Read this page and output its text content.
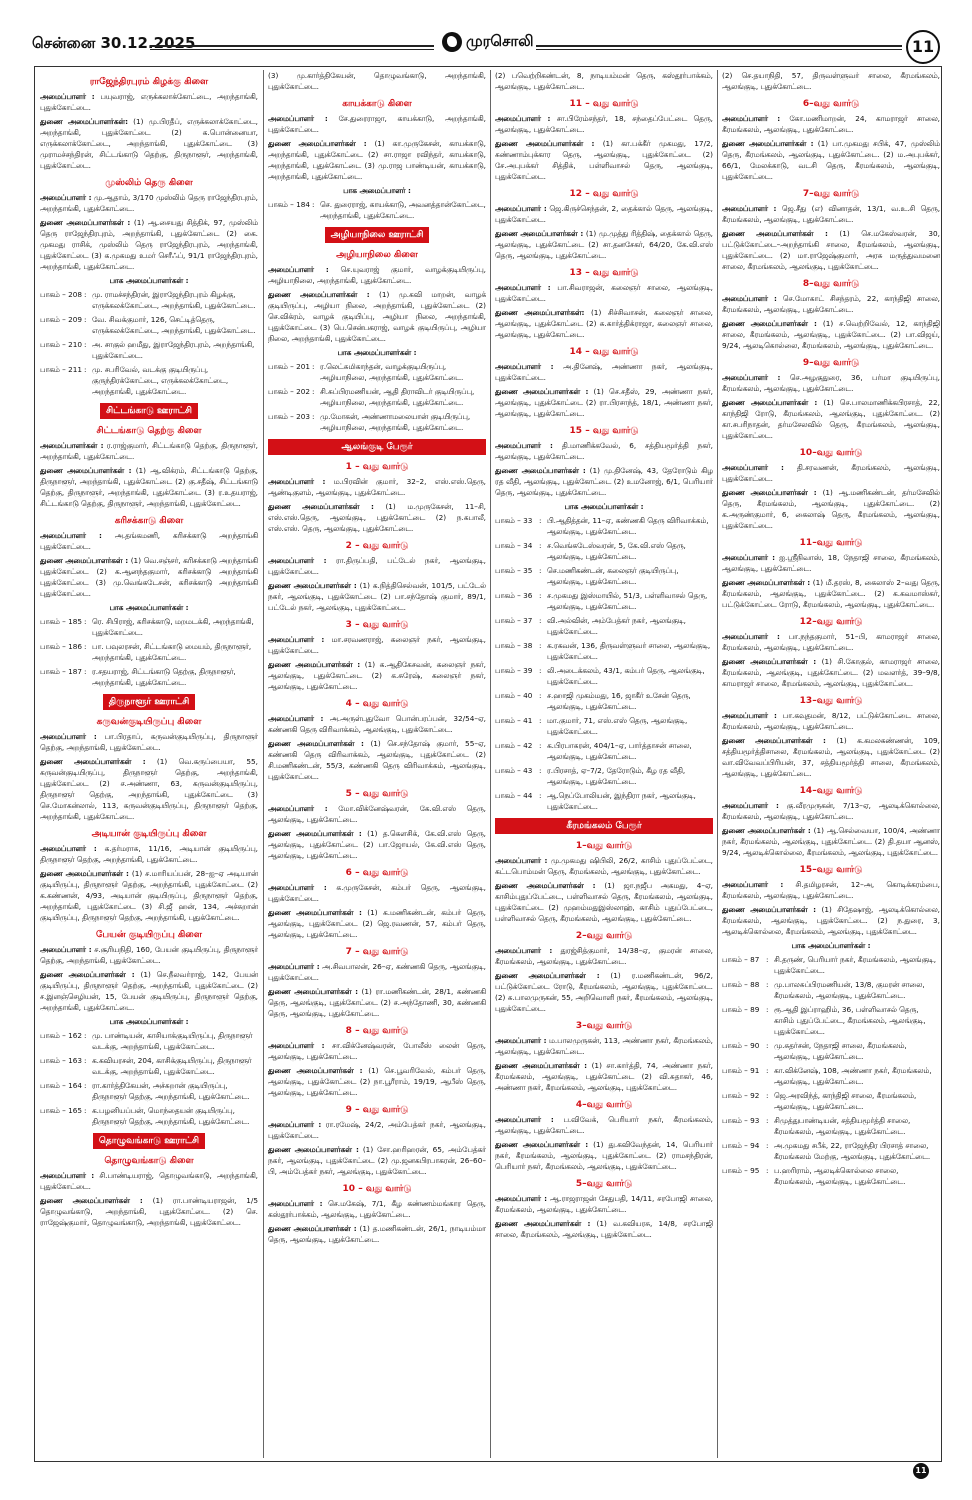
சென்னை 30.12.2025	முரசொலி	11
ராஜேந்திரபுரம் கிழக்கு கிளை
அமைப்பாளர் : பயுவராஜ், எருக்கலாக்கோட்டை, அறந்தாங்கி, புதுக்கோட்டை.
துணை அமைப்பாளர்கள்: (1) மு.பிரதீப், எருக்கலாக்கோட்டை, அறந்தாங்கி, புதுக்கோட்டை (2) க.பொன்னையா, எருக்கலாக்கோட்டை, அறந்தாங்கி, புதுக்கோட்டை (3) முராமச்சந்திரன், சிட்டங்காடு தெற்கு, திருநாளூர், அறந்தாங்கி, புதுக்கோட்டை.
முஸ்லிம் தெரு கிளை
அமைப்பாளர் : மு.ஆதாம், 3/170 முஸ்லிம் தெரு ராஜேந்திரபுரம், அறந்தாங்கி, புதுக்கோட்டை.
துணை அமைப்பாளர்கள் : (1) ஆ.சையது சித்திக், 97, முஸ்லிம் தெரு ராஜேந்திரபுரம், அறந்தாங்கி, புதுக்கோட்டை (2) கை. முகமது ராசிக், முஸ்லிம் தெரு ராஜேந்திரபுரம், அறந்தாங்கி, புதுக்கோட்டை (3) க.முகமது உமர் செரீஃப், 91/1 ராஜேந்திரபுரம், அறந்தாங்கி, புதுக்கோட்டை.
பாக அமைப்பாளர்கள் :
பாகம் – 208 : மு. ராமச்சந்திரன், இராஜேந்திரபுரம் கிழக்கு, எருக்கலக்கோட்டை, அறந்தாங்கி, புதுக்கோட்டை.
பாகம் – 209 : வே. சிவக்குமார், 126, செட்டித்தெரு, எருக்கலக்கோட்டை, அறந்தாங்கி, புதுக்கோட்டை.
பாகம் – 210 : அ. சாகுல் ஹமீது, இராஜேந்திரபுரம், அறந்தாங்கி, புதுக்கோட்டை.
பாகம் – 211 : மு. சபரிவேல், வடக்கு குடியிருப்பு, குருந்திரக்கோட்டை, எருக்கலக்கோட்டை, அறந்தாங்கி, புதுக்கோட்டை.
சிட்டங்காடு ஊராட்சி
சிட்டங்காடு தெற்கு கிளை
அமைப்பாளர்கள் : ர.ராஜ்குமார், சிட்டங்காடு தெற்கு, திருநாளூர், அறந்தாங்கி, புதுக்கோட்டை.
துணை அமைப்பாளர்கள் : (1) ஆ.விக்ரம், சிட்டங்காடு தெற்கு, திருநாளூர், அறந்தாங்கி, புதுக்கோட்டை (2) கு.சதீஷ், சிட்டங்காடு தெற்கு, திருநாளூர், அறந்தாங்கி, புதுக்கோட்டை (3) ர.உதயராஜ், சிட்டங்காடு தெற்கு, திருநாளூர், அறந்தாங்கி, புதுக்கோட்டை.
கரிசக்காடு கிளை
அமைப்பாளர் : அ.தங்கமணி, கரிசக்காடு அறந்தாங்கி புதுக்கோட்டை.
துணை அமைப்பாளர்கள் : (1) வெ.சஞ்சர், கரிசக்காடு அறந்தாங்கி புதுக்கோட்டை (2) க.ஆனந்தகுமார், கரிசக்காடு அறந்தாங்கி புதுக்கோட்டை (3) மு.வெங்கடேசன், கரிசக்காடு அறந்தாங்கி புதுக்கோட்டை.
பாக அமைப்பாளர்கள் :
பாகம் – 185 : ரெ. சிபிராஜ், கரிசக்காடு, மறமடக்கி, அறந்தாங்கி, புதுக்கோட்டை.
பாகம் – 186 : பா. பவுலரசன், சிட்டங்காடு மையம், திருநாளூர், அறந்தாங்கி, புதுக்கோட்டை.
பாகம் – 187 : ர.சதயராஜ், சிட்டங்காடு தெற்கு, திருநாளூர், அறந்தாங்கி, புதுக்கோட்டை.
திருநாளூர் ஊராட்சி
கருவன்குடியிருப்பு கிளை
அமைப்பாளர் : பா.பிரதாப், கருவன்குடியிருப்பு, திருநாளூர் தெற்கு, அறந்தாங்கி, புதுக்கோட்டை.
துணை அமைப்பாளர்கள் : (1) வெ.கருப்பையா, 55, கருவன்குடியிருப்பு, திருநாளூர் தெற்கு, அறந்தாங்கி, புதுக்கோட்டை (2) ச.அண்ணா, 63, கருவன்குடியிருப்பு, திருநாளூர் தெற்கு, அறந்தாங்கி, புதுக்கோட்டை (3) செ.மோகன்லால், 113, கருவன்குடியிருப்பு, திருநாளூர் தெற்கு, அறந்தாங்கி, புதுக்கோட்டை.
அடியான் குடியிருப்பு கிளை
அமைப்பாளர் : க.தர்மராசு, 11/16, அடியான் குடியிருப்பு, திருநாளூர் தெற்கு, அறந்தாங்கி, புதுக்கோட்டை.
துணை அமைப்பாளர்கள் : (1) ச.மாரியப்பன், 28–ஐ–ஏ அடியான் குடியிருப்பு, திருநாளூர் தெற்கு, அறந்தாங்கி, புதுக்கோட்டை (2) க.கண்ணன், 4/93, அடியான் குடியிருப்பு, திருநாளூர் தெற்கு, அறந்தாங்கி, புதுக்கோட்டை (3) சி.ஜீ ஹன், 134, அச்சுறான் குடியிருப்பு, திருநாளூர் தெற்கு, அறந்தாங்கி, புதுக்கோட்டை.
பேயன் குடியிருப்பு கிளை
அமைப்பாளர் : ச.சூரியநிதி, 160, பேயன் குடியிருப்பு, திருநாளூர் தெற்கு, அறந்தாங்கி, புதுக்கோட்டை.
துணை அமைப்பாளர்கள் : (1) செ.நீலவர்ராஜ், 142, பேயன் குடியிருப்பு, திருநாளூர் தெற்கு, அறந்தாங்கி, புதுக்கோட்டை (2) ச.இளஞ்செழியன், 15, பேயன் குடியிருப்பு, திருநாளூர் தெற்கு, அறந்தாங்கி, புதுக்கோட்டை.
பாக அமைப்பாளர்கள் :
பாகம் – 162 : மு. பாண்டியன், காசியாக்குடியிருப்பு, திருநாளூர் வடக்கு, அறந்தாங்கி, புதுக்கோட்டை.
பாகம் – 163 : க.கவியரசன், 204, காசிக்குடியிருப்பு, திருநாளூர் வடக்கு, அறந்தாங்கி, புதுக்கோட்டை.
பாகம் – 164 : ரா.கார்த்திகேயன், அச்சுறான் குடியிருப்பு, திருநாளூர் தெற்கு, அறந்தாங்கி, புதுக்கோட்டை.
பாகம் – 165 : க.பழனியப்பன், மொந்தையன் குடியிருப்பு, திருநாளூர் தெற்கு, அறந்தாங்கி, புதுக்கோட்டை.
தொழுவங்காடு ஊராட்சி
தொழுவங்காடு கிளை
அமைப்பாளர் : சி.பாண்டியராஜ், தொழுவங்காடு, அறந்தாங்கி, புதுக்கோட்டை.
துணை அமைப்பாளர்கள் : (1) ரா.பாண்டியராஜன், 1/5 தொழுவங்காடு, அறந்தாங்கி, புதுக்கோட்டை. (2) செ. ராஜேஷ்குமார், தொழுவங்காடு, அறந்தாங்கி, புதுக்கோட்டை.
(3) மு.கார்த்திகேயன், தொழுவங்காடு, அறந்தாங்கி, புதுக்கோட்டை.
காயக்காடு கிளை
அமைப்பாளர் : சே.துரைராஜா, காயக்காடு, அறந்தாங்கி, புதுக்கோட்டை.
துணை அமைப்பாளர்கள் : (1) கா.முருகேசன், காயக்காடு, அறந்தாங்கி, புதுக்கோட்டை (2) சா.ராஜா ரவிந்தர், காயக்காடு, அறந்தாங்கி, புதுக்கோட்டை (3) மு.ராஜ பாண்டியன், காயக்காடு, அறந்தாங்கி, புதுக்கோட்டை.
பாக அமைப்பாளர் :
பாகம் – 184 : செ. துரைராஜ், காயக்காடு, அவனத்தான்கோட்டை, அறந்தாங்கி, புதுக்கோட்டை.
அழியாநிலை ஊராட்சி
அழியாநிலை கிளை
அமைப்பாளர் : செ.யுவராஜ் குமார், வாழக்குடியிருப்பு, அழியாநிலை, அறந்தாங்கி, புதுக்கோட்டை.
துணை அமைப்பாளர்கள் : (1) மு.கவி மாறன், வாழக் குடியிருப்பு, அழியா நிலை, அறந்தாங்கி, புதுக்கோட்டை (2) செ.விக்ரம், வாழக் குடியிப்பு, அழியா நிலை, அறந்தாங்கி, புதுக்கோட்டை (3) பெ.சென்பகராஜ், வாழக் குடியிருப்பு, அழியா நிலை, அறந்தாங்கி, புதுக்கோட்டை.
பாக அமைப்பாளர்கள் :
பாகம் – 201 : ர.லெட்சுமிகாந்தன், வாழக்குடியிருப்பு, அழியாநிலை, அறந்தாங்கி, புதுக்கோட்டை.
பாகம் – 202 : சி.சுப்பிரமணியன், ஆதி திராவிடர் குடியிருப்பு, அழியாநிலை, அறந்தாங்கி, புதுக்கோட்டை.
பாகம் – 203 : மு.மோகன், அண்ணாமலையான் குடியிருப்பு, அழியாநிலை, அறந்தாங்கி, புதுக்கோட்டை.
ஆலங்குடி பேரூர்
1 – வது வார்டு
அமைப்பாளர் : ம.பிரவின் குமார், 32–2, எஸ்.எஸ்.தெரு, ஆண்டிகுளம், ஆலங்குடி, புதுக்கோட்டை.
துணை அமைப்பாளர்கள் : (1) ம.முருகேசன், 11–சி, எஸ்.எஸ்.தெரு, ஆலங்குடி, புதுக்கோட்டை (2) ந.கபாலீ, எஸ்.எஸ். தெரு, ஆலங்குடி, புதுக்கோட்டை.
2 – வது வார்டு
அமைப்பாளர் : ரா.திருப்பதி, பட்டேல் நகர், ஆலங்குடி, புதுக்கோட்டை.
துணை அமைப்பாளர்கள் : (1) க.நித்திசெல்வன், 101/5, பட்டேல் நகர், ஆலங்குடி, புதுக்கோட்டை (2) பா.சந்தோஷ் குமார், 89/1, பட்டேல் நகர், ஆலங்குடி, புதுக்கோட்டை.
3 – வது வார்டு
அமைப்பாளர் : மா.சரவணராஜ், கலைஞர் நகர், ஆலங்குடி, புதுக்கோட்டை.
துணை அமைப்பாளர்கள் : (1) க.ஆதிகேசவன், கலைஞர் நகர், ஆலங்குடி, புதுக்கோட்டை (2) க.சுரேஷ், கலைஞர் நகர், ஆலங்குடி, புதுக்கோட்டை.
4 – வது வார்டு
அமைப்பாளர் : அ.அருள்புதுவோ பொன்பரப்பன், 32/54–ஏ, கண்ணகி தெரு விரிவாக்கம், ஆலங்குடி, புதுக்கோட்டை.
துணை அமைப்பாளர்கள் : (1) செ.சந்தோஷ் குமார், 55–ஏ, கண்ணகி தெரு விரிவாக்கம், ஆலங்குடி, புதுக்கோட்டை (2) சி.மணிகண்டன், 55/3, கண்ணகி தெரு விரிவாக்கம், ஆலங்குடி, புதுக்கோட்டை.
5 – வது வார்டு
அமைப்பாளர் : மோ.விக்னேஷ்வரன், கே.வி.எஸ் தெரு, ஆலங்குடி, புதுக்கோட்டை.
துணை அமைப்பாளர்கள் : (1) த.கௌசிக், கே.வி.எஸ் தெரு, ஆலங்குடி, புதுக்கோட்டை (2) பா.ஜோயல், கே.வி.எஸ் தெரு, ஆலங்குடி, புதுக்கோட்டை.
6 – வது வார்டு
அமைப்பாளர் : க.முருகேசன், கம்பர் தெரு, ஆலங்குடி, புதுக்கோட்டை.
துணை அமைப்பாளர்கள் : (1) க.மணிகண்டன், கம்பர் தெரு, ஆலங்குடி, புதுக்கோட்டை (2) ஜெ.ரவணன், 57, கம்பர் தெரு, ஆலங்குடி, புதுக்கோட்டை.
7 – வது வார்டு
அமைப்பாளர் : அ.சிவபாலன், 26–ஏ, கண்ணகி தெரு, ஆலங்குடி, புதுக்கோட்டை.
துணை அமைப்பாளர்கள் : (1) ரா.மணிகண்டன், 28/1, கண்ணகி தெரு, ஆலங்குடி, புதுக்கோட்டை (2) ச.அந்தோணி, 30, கண்ணகி தெரு, ஆலங்குடி, புதுக்கோட்டை.
8 – வது வார்டு
அமைப்பாளர் : சா.விக்னேஷ்வரன், போலீஸ் லைன் தெரு, ஆலங்குடி, புதுக்கோட்டை.
துணை அமைப்பாளர்கள் : (1) செ.பூவரிவேல், கம்பர் தெரு, ஆலங்குடி, புதுக்கோட்டை (2) நா.பூரீராம், 19/19, ஆபீஸ் தெரு, ஆலங்குடி, புதுக்கோட்டை.
9 – வது வார்டு
அமைப்பாளர் : ரா.ரமேஷ், 24/2, அம்பேத்கர் நகர், ஆலங்குடி, புதுக்கோட்டை.
துணை அமைப்பாளர்கள் : (1) சோ.ஹரிஹரன், 65, அம்பேத்கர் நகர், ஆலங்குடி, புதுக்கோட்டை (2) மு.ஜனகபிரபாகரன், 26–60–பி, அம்பேத்கர் நகர், ஆலங்குடி, புதுக்கோட்டை.
10 – வது வார்டு
அமைப்பாளர் : செ.மகேஷ், 7/1, கீழ கண்ணம்மங்கார தெரு, கஸ்தூர்பாக்கம், ஆலங்குடி, புதுக்கோட்டை.
துணை அமைப்பாளர்கள் : (1) த.மணிகண்டன், 26/1, நாடியம்மா தெரு, ஆலங்குடி, புதுக்கோட்டை.
(2) பவெற்றிகண்டன், 8, நாடியம்மன் தெரு, கஸ்தூர்பாக்கம், ஆலங்குடி, புதுக்கோட்டை.
11 – வது வார்டு
அமைப்பாளர் : சா.பிரேம்சந்தர், 18, சந்தைப்பேட்டை தெரு, ஆலங்குடி, புதுக்கோட்டை.
துணை அமைப்பாளர்கள் : (1) கா.பக்கீர் முகமது, 17/2, சுண்ணாம்புக்கார தெரு, ஆலங்குடி, புதுக்கோட்டை (2) சே.அபுபக்கர் சித்திக், பள்ளிவாசல் தெரு, ஆலங்குடி, புதுக்கோட்டை.
12 – வது வார்டு
அமைப்பாளர் : ஜெ.கிருச்செந்தன், 2, தைக்கால் தெரு, ஆலங்குடி, புதுக்கோட்டை.
துணை அமைப்பாளர்கள் : (1) மு.முத்து ரித்திஷ், தைக்கால் தெரு, ஆலங்குடி, புதுக்கோட்டை (2) சா.தனசேகர், 64/20, கே.வி.எஸ் தெரு, ஆலங்குடி, புதுக்கோட்டை.
13 – வது வார்டு
அமைப்பாளர் : பா.சிவராஜன், கலைஞர் சாலை, ஆலங்குடி, புதுக்கோட்டை.
துணை அமைப்பாளர்கள்: (1) சிச்சிவாசன், கலைஞர் சாலை, ஆலங்குடி, புதுக்கோட்டை (2) சு.கார்த்திக்ராஜா, கலைஞர் சாலை, ஆலங்குடி, புதுக்கோட்டை.
14 – வது வார்டு
அமைப்பாளர் : அ.தினேஷ், அண்ணா நகர், ஆலங்குடி, புதுக்கோட்டை.
துணை அமைப்பாளர்கள் : (1) செ.சதீஸ், 29, அண்ணா நகர், ஆலங்குடி, புதுக்கோட்டை (2) ரா.பிரசாந்த், 18/1, அண்ணா நகர், ஆலங்குடி, புதுக்கோட்டை.
15 – வது வார்டு
அமைப்பாளர் : தி.மாணிக்கவேல், 6, சத்தியமூர்த்தி நகர், ஆலங்குடி, புதுக்கோட்டை.
துணை அமைப்பாளர்கள் : (1) மு.தினேஷ், 43, தேரோடும் கிழ ரத வீதி, ஆலங்குடி, புதுக்கோட்டை (2) உமனோஜ், 6/1, பெரியார் தெரு, ஆலங்குடி, புதுக்கோட்டை.
பாக அமைப்பாளர்கள் :
பாகம் – 33 : பி.ஆதித்தன், 11–ஏ, கண்ணகி தெரு விரிவாக்கம், ஆலங்குடி, புதுக்கோட்டை.
பாகம் – 34 : ச.வெங்கடேஸ்வரன், 5, கே.வி.எஸ் தெரு, ஆலங்குடி, புதுக்கோட்டை.
பாகம் – 35 : செ.மணிகண்டன், கலைஞர் குடியிருப்பு, ஆலங்குடி, புதுக்கோட்டை.
பாகம் – 36 : ச.முகமது இஸ்மாயில், 51/3, பள்ளிவாசல் தெரு, ஆலங்குடி, புதுக்கோட்டை.
பாகம் – 37 : வி.அல்வின், அம்பேத்கர் நகர், ஆலங்குடி, புதுக்கோட்டை.
பாகம் – 38 : க.ரகவன், 136, திருவள்ளுவர் சாலை, ஆலங்குடி, புதுக்கோட்டை.
பாகம் – 39 : லி.அடைக்கலம், 43/1, கம்பர் தெரு, ஆலங்குடி, புதுக்கோட்டை.
பாகம் – 40 : ச.ஹாஜி முகம்மது, 16, ஜாகீர் உசேன் தெரு, ஆலங்குடி, புதுக்கோட்டை.
பாகம் – 41 : மா.குமார், 71, எஸ்.எஸ் தெரு, ஆலங்குடி, புதுக்கோட்டை.
பாகம் – 42 : க.பிரபாகரன், 404/1–ஏ, பார்த்தாசன் சாலை, ஆலங்குடி, புதுக்கோட்டை.
பாகம் – 43 : ர.பிரசாத், ஏ–7/2, தேரோடும், கீழ ரத வீதி, ஆலங்குடி, புதுக்கோட்டை.
பாகம் – 44 : ஆ.நெப்போலியன், இந்திரா நகர், ஆலங்குடி, புதுக்கோட்டை.
கீரமங்கலம் பேரூர்
1–வது வார்டு
அமைப்பாளர் : மு.முகமது ஷிபிலி, 26/2, காசிம் புதுப்பேட்டை, கட்டபொம்மன் தெரு, கீரமங்கலம், ஆலங்குடி, புதுக்கோட்டை.
துணை அமைப்பாளர்கள் : (1) ஜா.நஜீப அகமது, 4–ஏ, காசிம்புதுப்பேட்டை, பள்ளிவாசல் தெரு, கீரமங்கலம், ஆலங்குடி, புதுக்கோட்டை (2) முஹம்மதுஇஸ்லாஹ், காசிம் புதுப்பேட்டை, பள்ளிவாசல் தெரு, கீரமங்கலம், ஆலங்குடி, புதுக்கோட்டை.
2–வது வார்டு
அமைப்பாளர் : துரஜ்சித்குமார், 14/38–ஏ, குமரன் சாலை, கீரமங்கலம், ஆலங்குடி, புதுக்கோட்டை.
துணை அமைப்பாளர்கள் : (1) ர.மணிகண்டன், 96/2, பட்டுக்கோட்டை ரோடு, கீரமங்கலம், ஆலங்குடி, புதுக்கோட்டை. (2) சு.பாலமுருகன், 55, அறிவொளி நகர், கீரமங்கலம், ஆலங்குடி, புதுக்கோட்டை.
3–வது வார்டு
அமைப்பாளர் : ம.பாலமுருகன், 113, அண்ணா நகர், கீரமங்கலம், ஆலங்குடி, புதுக்கோட்டை.
துணை அமைப்பாளர்கள் : (1) சா.கார்த்தி, 74, அண்ணா நகர், கீரமங்கலம், ஆலங்குடி, புதுக்கோட்டை (2) வி.சுதாகர், 46, அண்ணா நகர், கீரமங்கலம், ஆலங்குடி, புதுக்கோட்டை.
4–வது வார்டு
அமைப்பாளர் : ப.விவேக், பெரியார் நகர், கீரமங்கலம், ஆலங்குடி, புதுக்கோட்டை.
துணை அமைப்பாளர்கள் : (1) து.கவிவேந்தன், 14, பெரியார் நகர், கீரமங்கலம், ஆலங்குடி, புதுக்கோட்டை (2) ராமசந்திரன், பெரியார் நகர், கீரமங்கலம், ஆலங்குடி, புதுக்கோட்டை.
5–வது வார்டு
அமைப்பாளர் : ஆ.ராஜராஜன் சேதுபதி, 14/11, சரபோஜி சாலை, கீரமங்கலம், ஆலங்குடி, புதுக்கோட்டை.
துணை அமைப்பாளர்கள் : (1) வ.கவியரசு, 14/8, சரபோஜி சாலை, கீரமங்கலம், ஆலங்குடி, புதுக்கோட்டை.
(2) செ.தயாநிதி, 57, திருவள்ளுவர் சாலை, கீரமங்கலம், ஆலங்குடி, புதுக்கோட்டை.
6–வது வார்டு
அமைப்பாளர் : கோ.மணிமாறன், 24, காமராஜர் சாலை, கீரமங்கலம், ஆலங்குடி, புதுக்கோட்டை.
துணை அமைப்பாளர்கள் : (1) பா.முகமது சபிக், 47, முஸ்லிம் தெரு, கீரமங்கலம், ஆலங்குடி, புதுக்கோட்டை. (2) ம.அபுபக்கர், 66/1, மேலக்காடு, வடசி தெரு, கீரமங்கலம், ஆலங்குடி, புதுக்கோட்டை.
7–வது வார்டு
அமைப்பாளர் : ஜெ.சீது (எ) வினாதன், 13/1, வ.உ.சி தெரு, கீரமங்கலம், ஆலங்குடி, புதுக்கோட்டை.
துணை அமைப்பாளர்கள் : (1) செ.மகேஸ்வரன், 30, பட்டுக்கோட்டை–அறந்தாங்கி சாலை, கீரமங்கலம், ஆலங்குடி, புதுக்கோட்டை. (2) மா.ராஜேஷ்குமார், அரசு மருத்துவமனை சாலை, கீரமங்கலம், ஆலங்குடி, புதுக்கோட்டை.
8–வது வார்டு
அமைப்பாளர் : செ.மோகாட் சிசந்தரம், 22, காந்திஜி சாலை, கீரமங்கலம், ஆலங்குடி, புதுக்கோட்டை.
துணை அமைப்பாளர்கள் : (1) ச.வெற்றிவேல், 12, காந்திஜி சாலை, கீரமங்கலம், ஆலங்குடி, புதுக்கோட்டை. (2) பா.விஜய், 9/24, ஆலடிகொல்லை, கீரமங்கலம், ஆலங்குடி, புதுக்கோட்டை.
9–வது வார்டு
அமைப்பாளர் : செ.அழகுதுரை, 36, பர்மா குடியிருப்பு, கீரமங்கலம், ஆலங்குடி, புதுக்கோட்டை.
துணை அமைப்பாளர்கள் : (1) செ.பாலமாணிக்கபிரசாத், 22, காந்திஜி ரோடு, கீரமங்கலம், ஆலங்குடி, புதுக்கோட்டை. (2) கா.சபரிநாதன், தர்மசேலவில் தெரு, கீரமங்கலம், ஆலங்குடி, புதுக்கோட்டை.
10–வது வார்டு
அமைப்பாளர் : தி.சரவணன், கீரமங்கலம், ஆலங்குடி, புதுக்கோட்டை.
துணை அமைப்பாளர்கள் : (1) ஆ.மணிகண்டன், தர்மசேவில் தெரு, கீரமங்கலம், ஆலங்குடி, புதுக்கோட்டை. (2) க.அருண்குமார், 6, கைலாஷ் தெரு, கீரமங்கலம், ஆலங்குடி, புதுக்கோட்டை.
11–வது வார்டு
அமைப்பாளர் : ஐ.ஸ்ரீநிவாஸ், 18, நேதாஜி சாலை, கீரமங்கலம், ஆலங்குடி, புதுக்கோட்டை.
துணை அமைப்பாளர்கள் : (1) மீ.தரஸ், 8, கைலாஸ் 2–வது தெரு, கீரமங்கலம், ஆலங்குடி, புதுக்கோட்டை. (2) க.கவமாஸ்கர், பட்டுக்கோட்டை ரோடு, கீரமங்கலம், ஆலங்குடி, புதுக்கோட்டை.
12–வது வார்டு
அமைப்பாளர் : பா.நந்தகுமார், 51–பி, காமராஜர் சாலை, கீரமங்கலம், ஆலங்குடி, புதுக்கோட்டை.
துணை அமைப்பாளர்கள் : (1) சி.கோகுல், காமராஜர் சாலை, கீரமங்கலம், ஆலங்குடி, புதுக்கோட்டை. (2) மவளர்த், 39–9/8, காமராஜர் சாலை, கீரமங்கலம், ஆலங்குடி, புதுக்கோட்டை.
13–வது வார்டு
அமைப்பாளர் : பா.கவுதமன், 8/12, பட்டுக்கோட்டை சாலை, கீரமங்கலம், ஆலங்குடி, புதுக்கோட்டை.
துணை அமைப்பாளர்கள் : (1) க.கமலகண்ணன், 109, சத்தியமூர்த்திசாலை, கீரமங்கலம், ஆலங்குடி, புதுக்கோட்டை (2) வா.விவேவப்பிரியன், 37, சத்தியமூர்த்தி சாலை, கீரமங்கலம், ஆலங்குடி, புதுக்கோட்டை.
14–வது வார்டு
அமைப்பாளர் : கு.வீரமுருகன், 7/13–ஏ, ஆலடிக்கொல்லை, கீரமங்கலம், ஆலங்குடி, புதுக்கோட்டை.
துணை அமைப்பாளர்கள் : (1) ஆ.செல்வையா, 100/4, அண்ணா நகர், கீரமங்கலம், ஆலங்குடி, புதுக்கோட்டை. (2) தி.தயா ஆனஸ், 9/24, ஆலடிக்கொல்லை, கீரமங்கலம், ஆலங்குடி, புதுக்கோட்டை.
15–வது வார்டு
அமைப்பாளர் : சி.தமிழரசன், 12–அ, கொடிக்கரம்பை, கீரமங்கலம், ஆலங்குடி, புதுக்கோட்டை.
துணை அமைப்பாளர்கள் : (1) சிதேஷாஜ், ஆலடிக்கொல்லை, கீரமங்கலம், ஆலங்குடி, புதுக்கோட்டை. (2) ந.துரை, 3, ஆலடிக்கொல்லை, கீரமங்கலம், ஆலங்குடி, புதுக்கோட்டை.
பாக அமைப்பாளர்கள் :
பாகம் – 87 : சி.தருண், பெரியார் நகர், கீரமங்கலம், ஆலங்குடி, புதுக்கோட்டை.
பாகம் – 88 : மு.பாலசுப்பிரமணியன், 13/8, குமரன் சாலை, கீரமங்கலம், ஆலங்குடி, புதுக்கோட்டை.
பாகம் – 89 : ரூ.ஆதி இப்ராஹிம், 36, பள்ளிவாசல் தெரு, காசிம் புதுப்பேட்டை, கீரமங்கலம், ஆலங்குடி, புதுக்கோட்டை.
பாகம் – 90 : மு.சுதர்சன், நேதாஜி சாலை, கீரமங்கலம், ஆலங்குடி, புதுக்கோட்டை.
பாகம் – 91 : கா.விக்னேஷ், 108, அண்ணா நகர், கீரமங்கலம், ஆலங்குடி, புதுக்கோட்டை.
பாகம் – 92 : ஜெ.அரவிந்த், காந்திஜி சாலை, கீரமங்கலம், ஆலங்குடி, புதுக்கோட்டை.
பாகம் – 93 : சிமுத்துபாண்டியன், சத்தியமூர்த்தி சாலை, கீரமங்கலம், ஆலங்குடி, புதுக்கோட்டை.
பாகம் – 94 : அ.முகமது சபீக், 22, ராஜேந்திர பிரசாத் சாலை, கீரமங்கலம் மேற்கு, ஆலங்குடி, புதுக்கோட்டை.
பாகம் – 95 : ப.ஹரிராம், ஆலடிக்கொல்லை சாலை, கீரமங்கலம், ஆலங்குடி, புதுக்கோட்டை.
11
